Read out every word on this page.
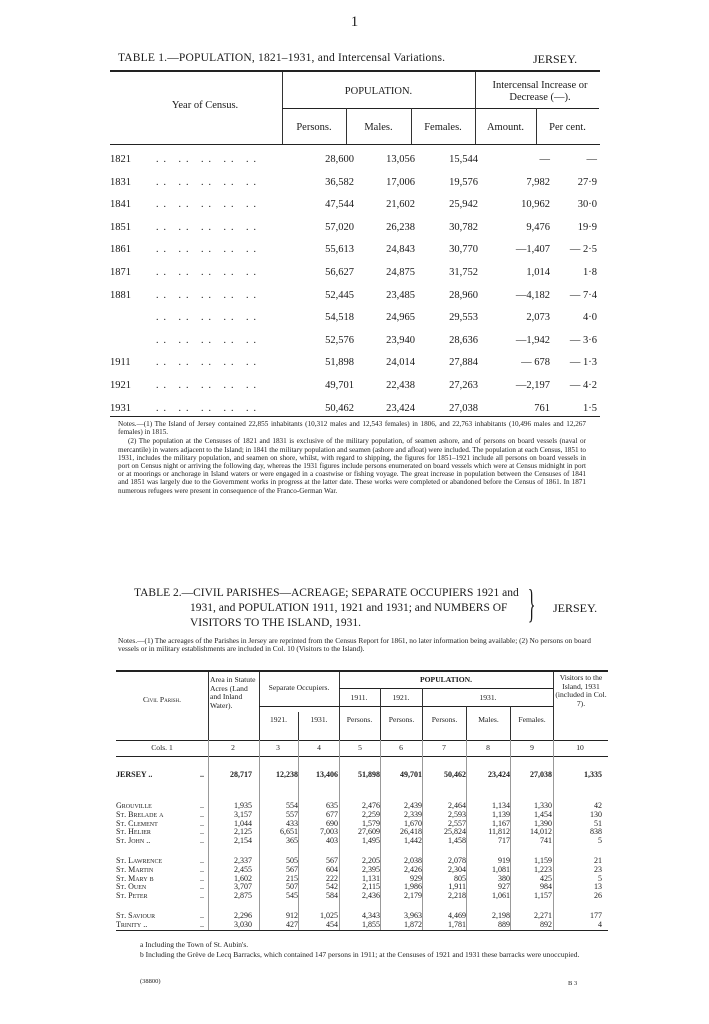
1
TABLE 1.—POPULATION, 1821–1931, and Intercensal Variations.	JERSEY.
Year of Census.
POPULATION.
Intercensal Increase or Decrease (—).
Persons.	Males.	Females.	Amount.	Per cent.
1821	.. .. .. .. ..	28,600	13,056	15,544	—	—
1831	.. .. .. .. ..	36,582	17,006	19,576	7,982	27·9
1841	.. .. .. .. ..	47,544	21,602	25,942	10,962	30·0
1851	.. .. .. .. ..	57,020	26,238	30,782	9,476	19·9
1861	.. .. .. .. ..	55,613	24,843	30,770	—1,407 — 2·5
1871	.. .. .. .. ..	56,627	24,875	31,752	1,014	1·8
1881	.. .. .. .. ..	52,445	23,485	28,960	—4,182 — 7·4
.. .. .. .. ..	54,518	24,965	29,553	2,073	4·0
.. .. .. .. ..	52,576	23,940	28,636	—1,942 — 3·6
1911	.. .. .. .. ..	51,898	24,014	27,884	— 678 — 1·3
1921	.. .. .. .. ..	49,701	22,438	27,263	—2,197 — 4·2
1931	.. .. .. .. ..	50,462	23,424	27,038	761	1·5

Notes.—(1) The Island of Jersey contained 22,855 inhabitants (10,312 males and 12,543 females) in 1806, and 22,763 inhabitants (10,496 males and 12,267 females) in 1815.

(2) The population at the Censuses of 1821 and 1831 is exclusive of the military population, of seamen ashore, and of persons on board vessels (naval or mercantile) in waters adjacent to the Island; in 1841 the military population and seamen (ashore and afloat) were included. The population at each Census, 1851 to 1931, includes the military population, and seamen on shore, whilst, with regard to shipping, the figures for 1851–1921 include all persons on board vessels in port on Census night or arriving the following day, whereas the 1931 figures include persons enumerated on board vessels which were at Census midnight in port or at moorings or anchorage in Island waters or were engaged in a coastwise or fishing voyage. The great increase in population between the Censuses of 1841 and 1851 was largely due to the Government works in progress at the latter date. These works were completed or abandoned before the Census of 1861. In 1871 numerous refugees were present in consequence of the Franco-German War.

TABLE 2.—CIVIL PARISHES—ACREAGE; SEPARATE OCCUPIERS 1921 and
1931, and POPULATION 1911, 1921 and 1931; and NUMBERS OF
VISITORS TO THE ISLAND, 1931.	} JERSEY.
Notes.—(1) The acreages of the Parishes in Jersey are reprinted from the Census Report for 1861, no later information being available; (2) No persons on board vessels or in military establishments are included in Col. 10 (Visitors to the Island).
Civil Parish.
Area in Statute Acres (Land and Inland Water).
Separate Occupiers.
POPULATION.	Visitors to the Island, 1931 (included in Col. 7).
1911.	1921.	1931.
1921.	1931.	Persons.	Persons.	Persons.	Males.	Females.
Cols. 1	2	3	4	5	6	7	8	9	10
JERSEY ..	..	28,717	12,238 13,406	51,898	49,701	50,462	23,424	27,038	1,335
Grouville	..	1,935	554	635	2,476	2,439	2,464	1,134	1,330	42
St. Brelade a	..	3,157	557	677	2,259	2,339	2,593	1,139	1,454	130
St. Clement	..	1,044	433	690	1,579	1,670	2,557	1,167	1,390	51
St. Helier	..	2,125	6,651	7,003	27,609	26,418	25,824	11,812	14,012	838
St. John ..	..	2,154	365	403	1,495	1,442	1,458	717	741	5
St. Lawrence	..	2,337	505	567	2,205	2,038	2,078	919	1,159	21
St. Martin	..	2,455	567	604	2,395	2,426	2,304	1,081	1,223	23
St. Mary b	..	1,602	215	222	1,131	929	805	380	425	5
St. Ouen	..	3,707	507	542	2,115	1,986	1,911	927	984	13
St. Peter	..	2,875	545	584	2,436	2,179	2,218	1,061	1,157	26
St. Saviour	..	2,296	912	1,025	4,343	3,963	4,469	2,198	2,271	177
Trinity ..	..	3,030	427	454	1,855	1,872	1,781	889	892	4
a Including the Town of St. Aubin's.
b Including the Grève de Lecq Barracks, which contained 147 persons in 1911; at the Censuses of 1921 and 1931 these barracks were unoccupied.
(38800)	B 3
